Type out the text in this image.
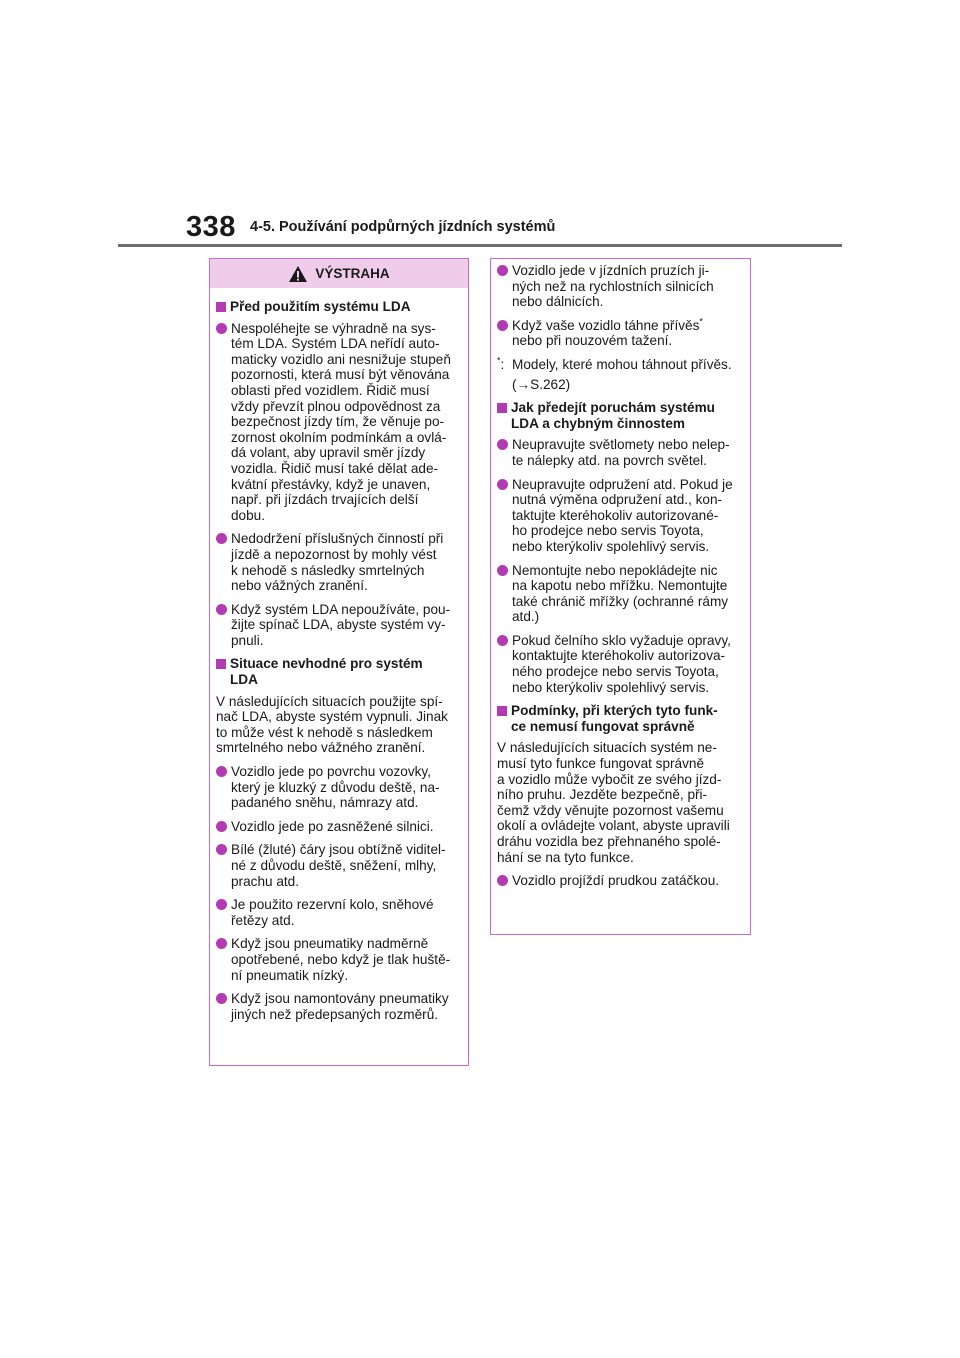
338 4-5. Používání podpůrných jízdních systémů
VÝSTRAHA
Před použitím systému LDA
Nespoléhejte se výhradně na sys-
tém LDA. Systém LDA neřídí auto-
maticky vozidlo ani nesnižuje stupeň
pozornosti, která musí být věnována
oblasti před vozidlem. Řidič musí
vždy převzít plnou odpovědnost za
bezpečnost jízdy tím, že věnuje po-
zornost okolním podmínkám a ovlá-
dá volant, aby upravil směr jízdy
vozidla. Řidič musí také dělat ade-
kvátní přestávky, když je unaven,
např. při jízdách trvajících delší
dobu.
Nedodržení příslušných činností při
jízdě a nepozornost by mohly vést
k nehodě s následky smrtelných
nebo vážných zranění.
Když systém LDA nepoužíváte, pou-
žijte spínač LDA, abyste systém vy-
pnuli.
Situace nevhodné pro systém
LDA
V následujících situacích použijte spí-
nač LDA, abyste systém vypnuli. Jinak
to může vést k nehodě s následkem
smrtelného nebo vážného zranění.
Vozidlo jede po povrchu vozovky,
který je kluzký z důvodu deště, na-
padaného sněhu, námrazy atd.
Vozidlo jede po zasněžené silnici.
Bílé (žluté) čáry jsou obtížně viditel-
né z důvodu deště, sněžení, mlhy,
prachu atd.
Je použito rezervní kolo, sněhové
řetězy atd.
Když jsou pneumatiky nadměrně
opotřebené, nebo když je tlak huště-
ní pneumatik nízký.
Když jsou namontovány pneumatiky
jiných než předepsaných rozměrů.
Vozidlo jede v jízdních pruzích ji-
ných než na rychlostních silnicích
nebo dálnicích.
Když vaše vozidlo táhne přívěs*
nebo při nouzovém tažení.
*: Modely, které mohou táhnout přívěs.
(→S.262)
Jak předejít poruchám systému
LDA a chybným činnostem
Neupravujte světlomety nebo nelep-
te nálepky atd. na povrch světel.
Neupravujte odpružení atd. Pokud je
nutná výměna odpružení atd., kon-
taktujte kteréhokoliv autorizované-
ho prodejce nebo servis Toyota,
nebo kterýkoliv spolehlivý servis.
Nemontujte nebo nepokládejte nic
na kapotu nebo mřížku. Nemontujte
také chránič mřížky (ochranné rámy
atd.)
Pokud čelního sklo vyžaduje opravy,
kontaktujte kteréhokoliv autorizova-
ného prodejce nebo servis Toyota,
nebo kterýkoliv spolehlivý servis.
Podmínky, při kterých tyto funk-
ce nemusí fungovat správně
V následujících situacích systém ne-
musí tyto funkce fungovat správně
a vozidlo může vybočit ze svého jízd-
ního pruhu. Jezděte bezpečně, při-
čemž vždy věnujte pozornost vašemu
okolí a ovládejte volant, abyste upravili
dráhu vozidla bez přehnaného spolé-
hání se na tyto funkce.
Vozidlo projíždí prudkou zatáčkou.
